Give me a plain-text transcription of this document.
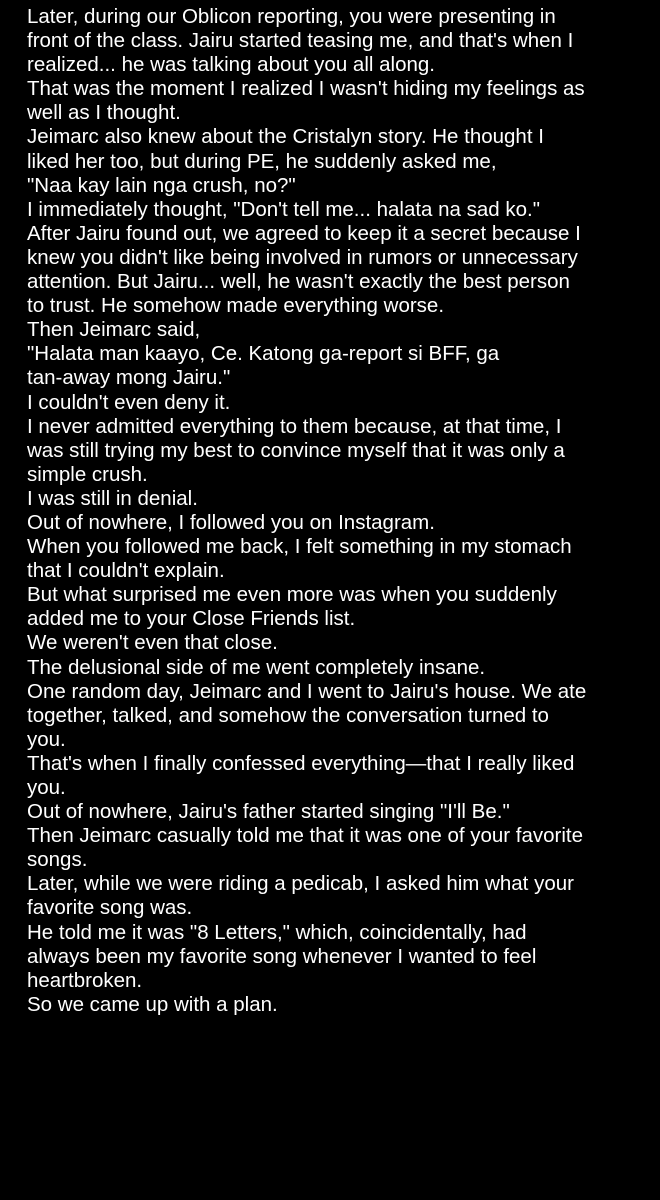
Later, during our Oblicon reporting, you were presenting in

front of the class. Jairu started teasing me, and that's when I

realized... he was talking about you all along.

That was the moment I realized I wasn't hiding my feelings as

well as I thought.

Jeimarc also knew about the Cristalyn story. He thought I

liked her too, but during PE, he suddenly asked me,

"Naa kay lain nga crush, no?"

I immediately thought, "Don't tell me... halata na sad ko."

After Jairu found out, we agreed to keep it a secret because I

knew you didn't like being involved in rumors or unnecessary

attention. But Jairu... well, he wasn't exactly the best person

to trust. He somehow made everything worse.

Then Jeimarc said,

"Halata man kaayo, Ce. Katong ga-report si BFF, ga

tan-away mong Jairu."

I couldn't even deny it.

I never admitted everything to them because, at that time, I

was still trying my best to convince myself that it was only a

simple crush.

I was still in denial.

Out of nowhere, I followed you on Instagram.

When you followed me back, I felt something in my stomach

that I couldn't explain.

But what surprised me even more was when you suddenly

added me to your Close Friends list.

We weren't even that close.

The delusional side of me went completely insane.

One random day, Jeimarc and I went to Jairu's house. We ate

together, talked, and somehow the conversation turned to

you.

That's when I finally confessed everything—that I really liked

you.

Out of nowhere, Jairu's father started singing "I'll Be."

Then Jeimarc casually told me that it was one of your favorite

songs.

Later, while we were riding a pedicab, I asked him what your

favorite song was.

He told me it was "8 Letters," which, coincidentally, had

always been my favorite song whenever I wanted to feel

heartbroken.

So we came up with a plan.
